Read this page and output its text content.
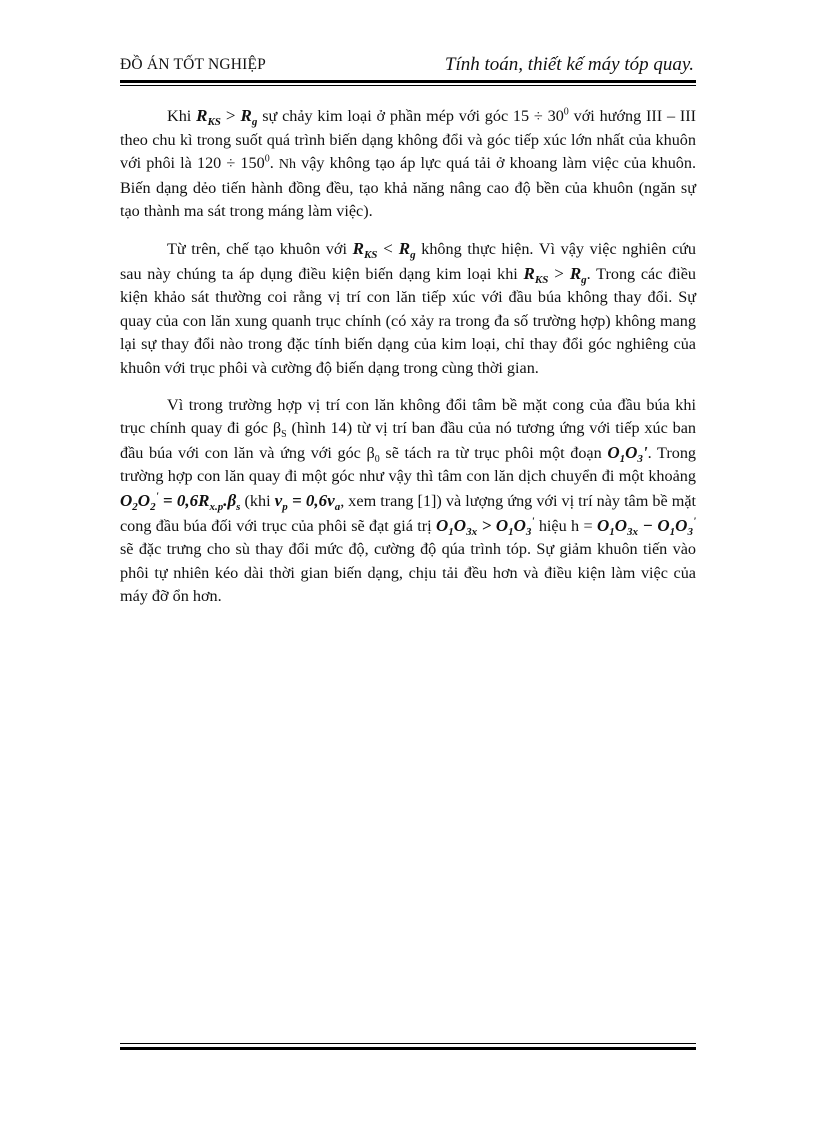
ĐỒ ÁN TỐT NGHIỆP	Tính toán, thiết kế máy tóp quay.

Khi $R_{KS} > R_g$ sự chảy kim loại ở phần mép với góc $15 \div 30^0$ với hướng III – III theo chu kì trong suốt quá trình biến dạng không đổi và góc tiếp xúc lớn nhất của khuôn với phôi là $120 \div 150^0$. Nh vậy không tạo áp lực quá tải ở khoang làm việc của khuôn. Biến dạng dẻo tiến hành đồng đều, tạo khả năng nâng cao độ bền của khuôn (ngăn sự tạo thành ma sát trong máng làm việc).

Từ trên, chế tạo khuôn với $R_{KS} < R_g$ không thực hiện. Vì vậy việc nghiên cứu sau này chúng ta áp dụng điều kiện biến dạng kim loại khi $R_{KS} > R_g$. Trong các điều kiện khảo sát thường coi rằng vị trí con lăn tiếp xúc với đầu búa không thay đổi. Sự quay của con lăn xung quanh trục chính (có xảy ra trong đa số trường hợp) không mang lại sự thay đổi nào trong đặc tính biến dạng của kim loại, chỉ thay đổi góc nghiêng của khuôn với trục phôi và cường độ biến dạng trong cùng thời gian.

Vì trong trường hợp vị trí con lăn không đổi tâm bề mặt cong của đầu búa khi trục chính quay đi góc $\beta_S$ (hình 14) từ vị trí ban đầu của nó tương ứng với tiếp xúc ban đầu búa với con lăn và ứng với góc $\beta_0$ sẽ tách ra từ trục phôi một đoạn $O_1O_3'$. Trong trường hợp con lăn quay đi một góc như vậy thì tâm con lăn dịch chuyển đi một khoảng $O_2O_2' = 0,6R_{x.p}.\beta_s$ (khi $v_p = 0,6v_a$, xem trang [1]) và lượng ứng với vị trí này tâm bề mặt cong đầu búa đối với trục của phôi sẽ đạt giá trị $O_1O_{3x} > O_1O_3'$ hiệu $h = O_1O_{3x} - O_1O_3'$ sẽ đặc trưng cho sù thay đổi mức độ, cường độ qúa trình tóp. Sự giảm khuôn tiến vào phôi tự nhiên kéo dài thời gian biến dạng, chịu tải đều hơn và điều kiện làm việc của máy đỡ ổn hơn.
